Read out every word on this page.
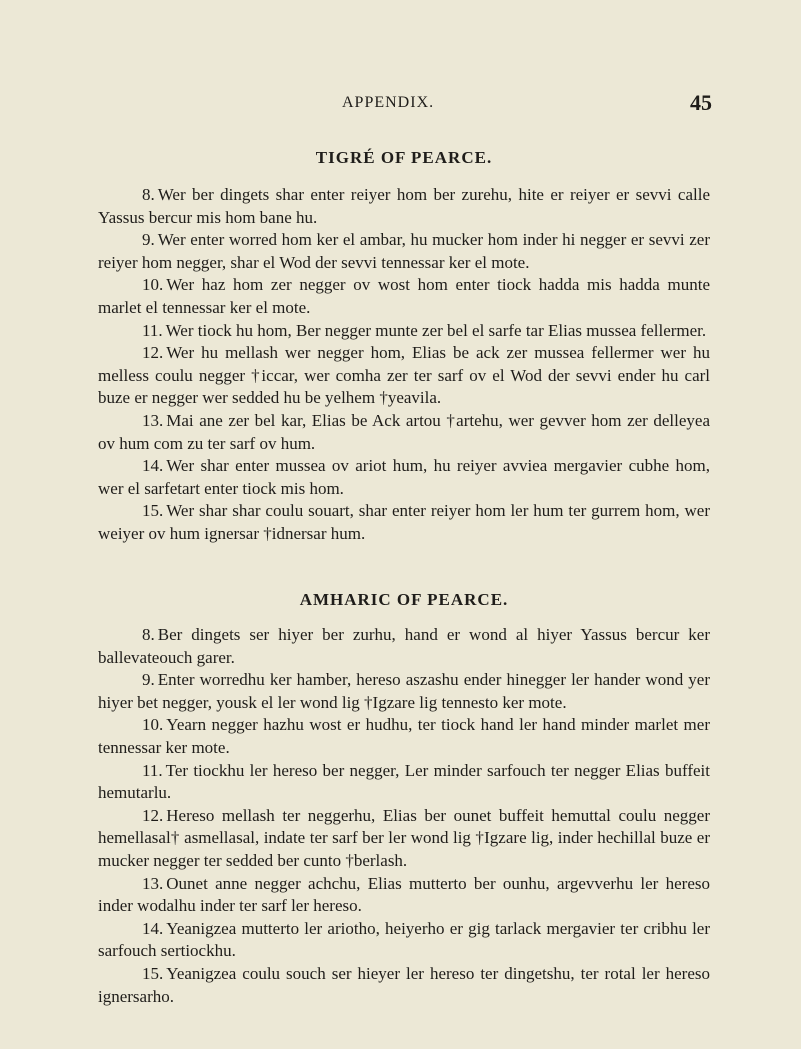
APPENDIX.	45
TIGRÉ OF PEARCE.

8. Wer ber dingets shar enter reiyer hom ber zurehu, hite er reiyer er sevvi calle Yassus bercur mis hom bane hu.

9. Wer enter worred hom ker el ambar, hu mucker hom inder hi negger er sevvi zer reiyer hom negger, shar el Wod der sevvi tennessar ker el mote.

10. Wer haz hom zer negger ov wost hom enter tiock hadda mis hadda munte marlet el tennessar ker el mote.

11. Wer tiock hu hom, Ber negger munte zer bel el sarfe tar Elias mussea fellermer.

12. Wer hu mellash wer negger hom, Elias be ack zer mussea fellermer wer hu melless coulu negger †iccar, wer comha zer ter sarf ov el Wod der sevvi ender hu carl buze er negger wer sedded hu be yelhem †yeavila.

13. Mai ane zer bel kar, Elias be Ack artou †artehu, wer gevver hom zer delleyea ov hum com zu ter sarf ov hum.

14. Wer shar enter mussea ov ariot hum, hu reiyer avviea mergavier cubhe hom, wer el sarfetart enter tiock mis hom.

15. Wer shar shar coulu souart, shar enter reiyer hom ler hum ter gurrem hom, wer weiyer ov hum ignersar †idnersar hum.

AMHARIC OF PEARCE.

8. Ber dingets ser hiyer ber zurhu, hand er wond al hiyer Yassus bercur ker ballevateouch garer.

9. Enter worredhu ker hamber, hereso aszashu ender hinegger ler hander wond yer hiyer bet negger, yousk el ler wond lig †Igzare lig tennesto ker mote.

10. Yearn negger hazhu wost er hudhu, ter tiock hand ler hand minder marlet mer tennessar ker mote.

11. Ter tiockhu ler hereso ber negger, Ler minder sarfouch ter negger Elias buffeit hemutarlu.

12. Hereso mellash ter neggerhu, Elias ber ounet buffeit hemuttal coulu negger hemellasal† asmellasal, indate ter sarf ber ler wond lig †Igzare lig, inder hechillal buze er mucker negger ter sedded ber cunto †berlash.

13. Ounet anne negger achchu, Elias mutterto ber ounhu, argevverhu ler hereso inder wodalhu inder ter sarf ler hereso.

14. Yeanigzea mutterto ler ariotho, heiyerho er gig tarlack mergavier ter cribhu ler sarfouch sertiockhu.

15. Yeanigzea coulu souch ser hieyer ler hereso ter dingetshu, ter rotal ler hereso ignersarho.
